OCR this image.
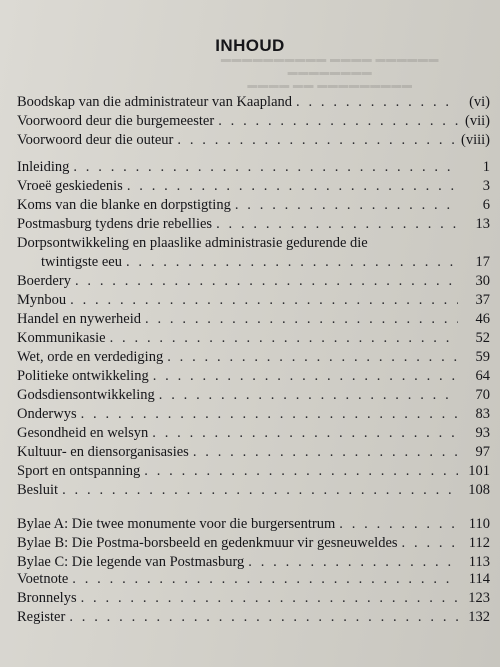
▬▬▬▬ ▬▬ ▬▬▬▬▬▬▬▬▬ ▬▬▬▬▬▬▬▬
▬▬▬▬▬▬▬▬▬▬ ▬▬▬▬ ▬▬▬▬▬▬
INHOUD
Boodskap van die administrateur van Kaapland . . .	(vi)
Voorwoord deur die burgemeester . . .	(vii)
Voorwoord deur die outeur . . .	(viii)
Inleiding . . .	1
Vroeë geskiedenis . . .	3
Koms van die blanke en dorpstigting . . .	6
Postmasburg tydens drie rebellies . . .	13
Dorpsontwikkeling en plaaslike administrasie gedurende die
twintigste eeu . . .	17
Boerdery . . .	30
Mynbou . . .	37
Handel en nywerheid . . .	46
Kommunikasie . . .	52
Wet, orde en verdediging . . .	59
Politieke ontwikkeling . . .	64
Godsdiensontwikkeling . . .	70
Onderwys . . .	83
Gesondheid en welsyn . . .	93
Kultuur- en diensorganisasies . . .	97
Sport en ontspanning . . .	101
Besluit . . .	108
Bylae A: Die twee monumente voor die burgersentrum . . .	110
Bylae B: Die Postma-borsbeeld en gedenkmuur vir gesneuweldes . . .	112
Bylae C: Die legende van Postmasburg . . .	113
Voetnote . . .	114
Bronnelys . . .	123
Register . . .	132
